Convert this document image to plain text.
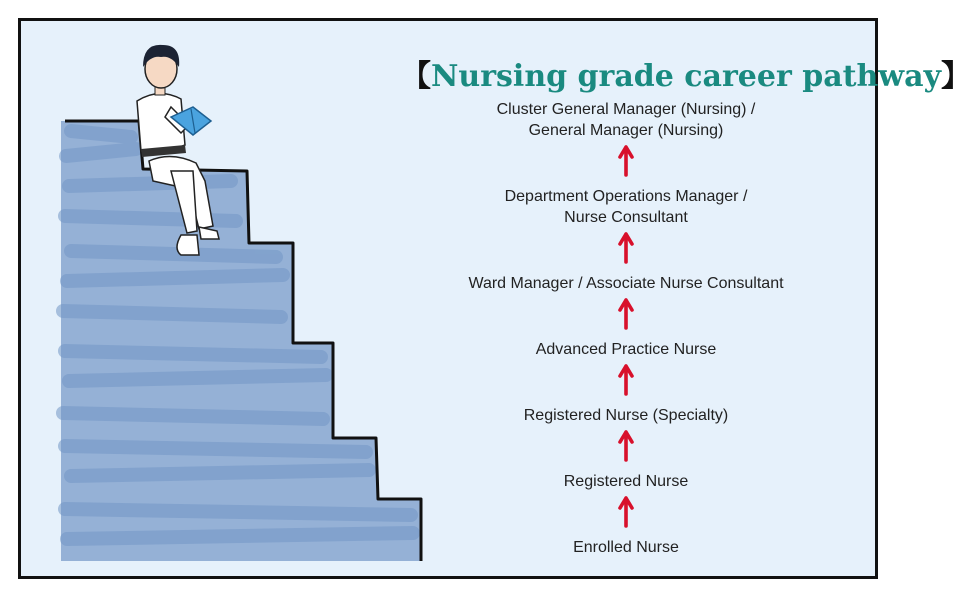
【Nursing grade career pathway】
Cluster General Manager (Nursing) /
General Manager (Nursing)
Department Operations Manager /
Nurse Consultant
Ward Manager / Associate Nurse Consultant
Advanced Practice Nurse
Registered Nurse (Specialty)
Registered Nurse
Enrolled Nurse
